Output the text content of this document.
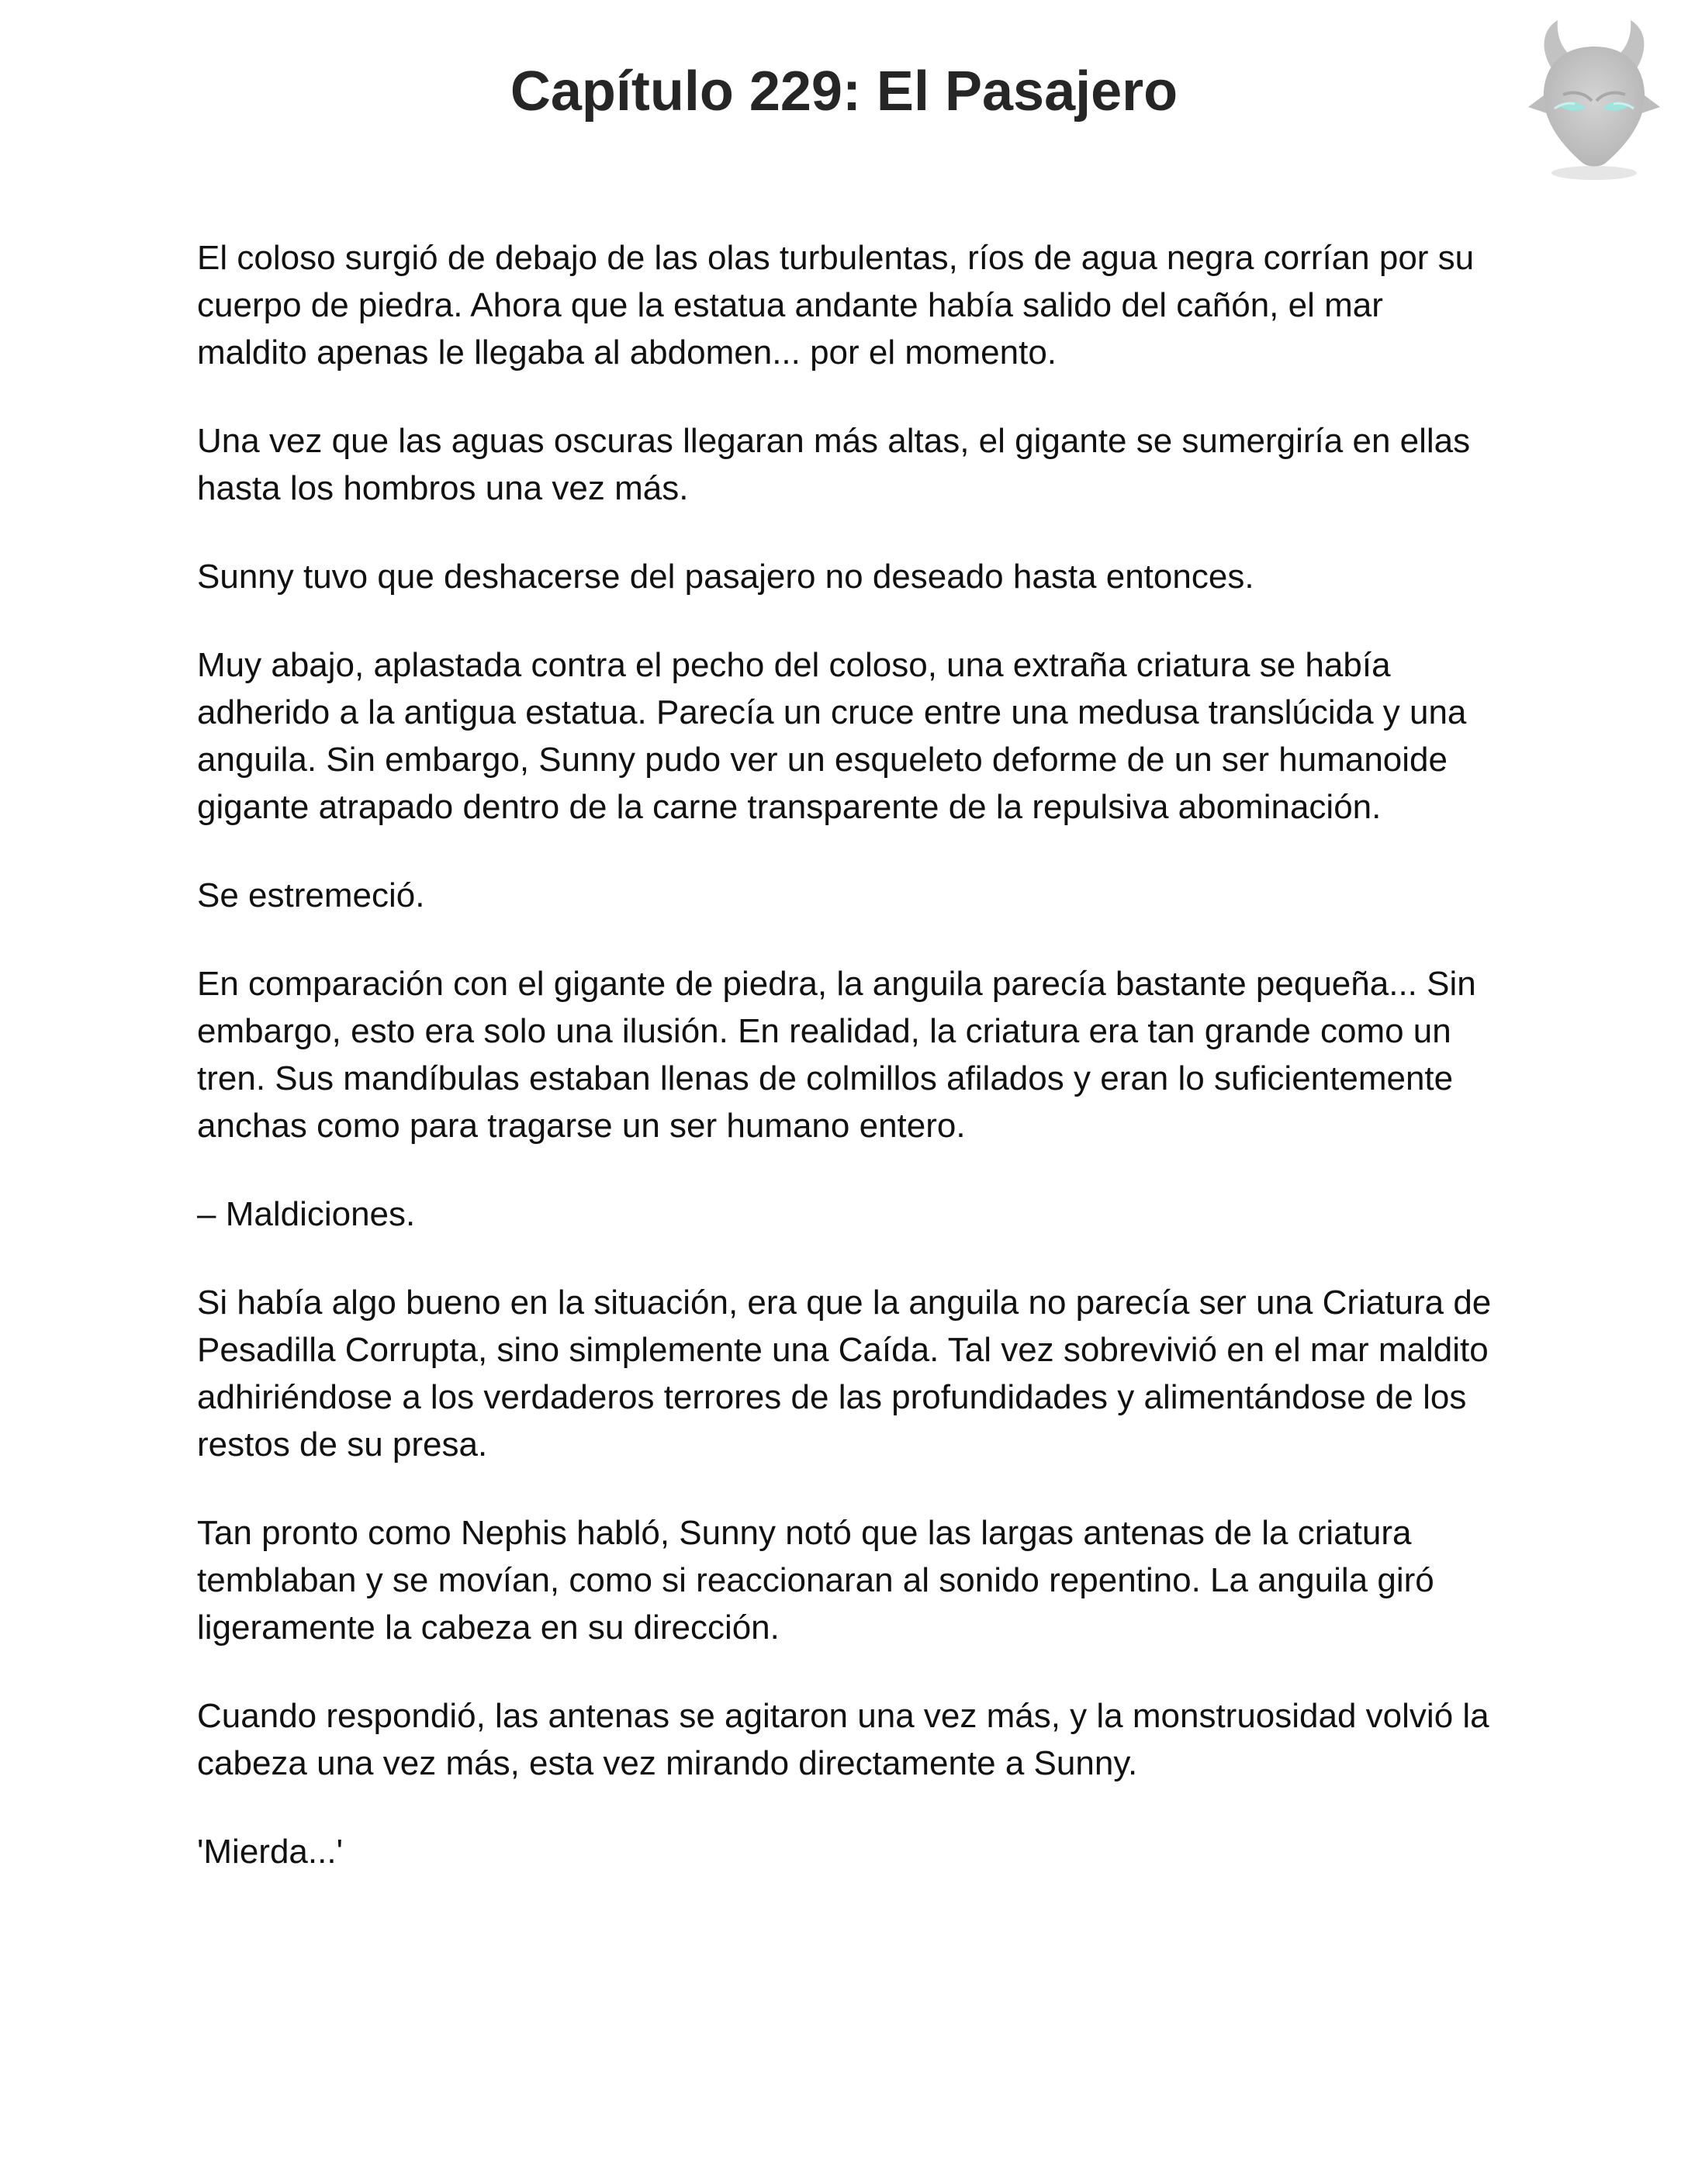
Capítulo 229: El Pasajero

El coloso surgió de debajo de las olas turbulentas, ríos de agua negra corrían por su cuerpo de piedra. Ahora que la estatua andante había salido del cañón, el mar maldito apenas le llegaba al abdomen... por el momento.

Una vez que las aguas oscuras llegaran más altas, el gigante se sumergiría en ellas hasta los hombros una vez más.

Sunny tuvo que deshacerse del pasajero no deseado hasta entonces.

Muy abajo, aplastada contra el pecho del coloso, una extraña criatura se había adherido a la antigua estatua. Parecía un cruce entre una medusa translúcida y una anguila. Sin embargo, Sunny pudo ver un esqueleto deforme de un ser humanoide gigante atrapado dentro de la carne transparente de la repulsiva abominación.

Se estremeció.

En comparación con el gigante de piedra, la anguila parecía bastante pequeña... Sin embargo, esto era solo una ilusión. En realidad, la criatura era tan grande como un tren. Sus mandíbulas estaban llenas de colmillos afilados y eran lo suficientemente anchas como para tragarse un ser humano entero.

– Maldiciones.

Si había algo bueno en la situación, era que la anguila no parecía ser una Criatura de Pesadilla Corrupta, sino simplemente una Caída. Tal vez sobrevivió en el mar maldito adhiriéndose a los verdaderos terrores de las profundidades y alimentándose de los restos de su presa.

Tan pronto como Nephis habló, Sunny notó que las largas antenas de la criatura temblaban y se movían, como si reaccionaran al sonido repentino. La anguila giró ligeramente la cabeza en su dirección.

Cuando respondió, las antenas se agitaron una vez más, y la monstruosidad volvió la cabeza una vez más, esta vez mirando directamente a Sunny.

'Mierda...'
